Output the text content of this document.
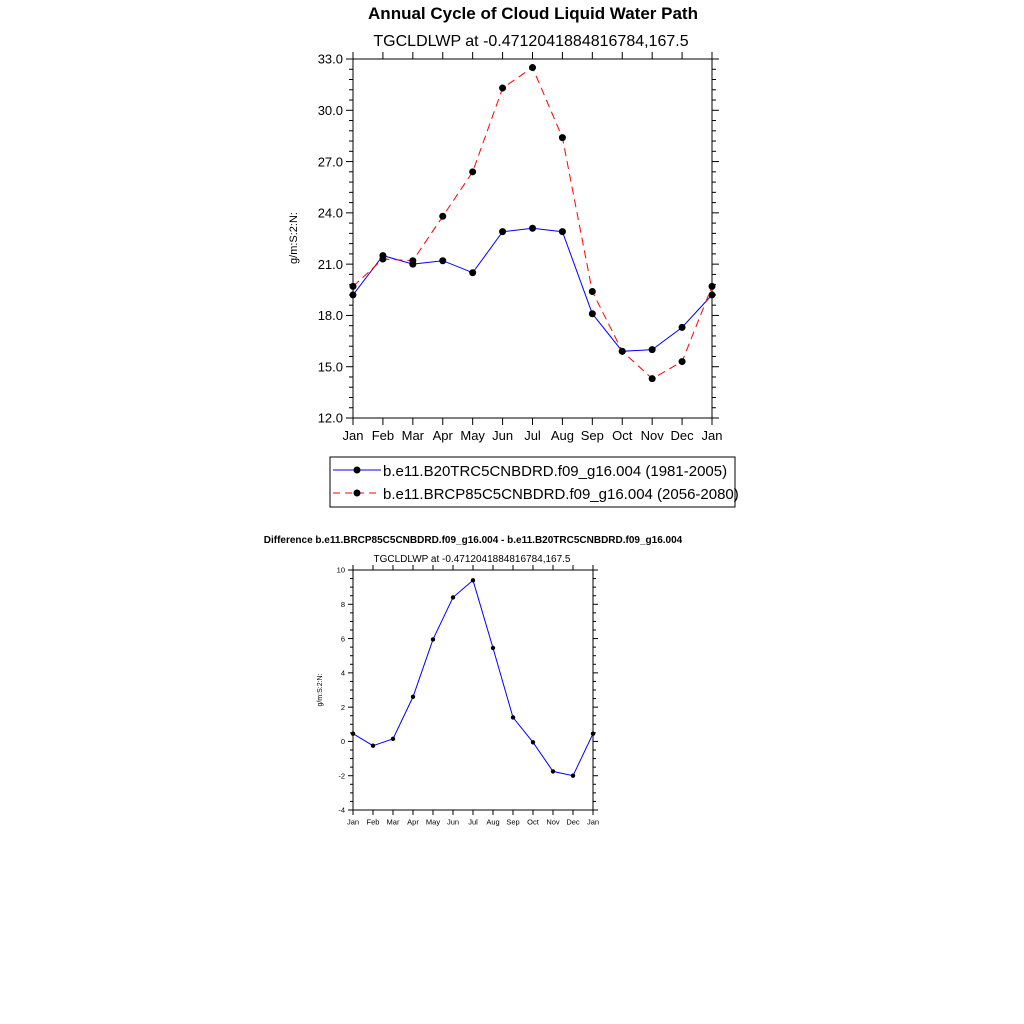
Annual Cycle of Cloud Liquid Water Path
TGCLDLWP at -0.4712041884816784,167.5
g/m:S:2:N:
12.0
15.0
18.0
21.0
24.0
27.0
30.0
33.0
Jan Feb Mar Apr May Jun Jul Aug Sep Oct Nov Dec Jan
b.e11.B20TRC5CNBDRD.f09_g16.004 (1981-2005)
b.e11.BRCP85C5CNBDRD.f09_g16.004 (2056-2080)
Difference b.e11.BRCP85C5CNBDRD.f09_g16.004 - b.e11.B20TRC5CNBDRD.f09_g16.004
TGCLDLWP at -0.4712041884816784,167.5
g/m:S:2:N:
-4
-2
0
2
4
6
8
10
Jan Feb Mar Apr May Jun Jul Aug Sep Oct Nov Dec Jan
